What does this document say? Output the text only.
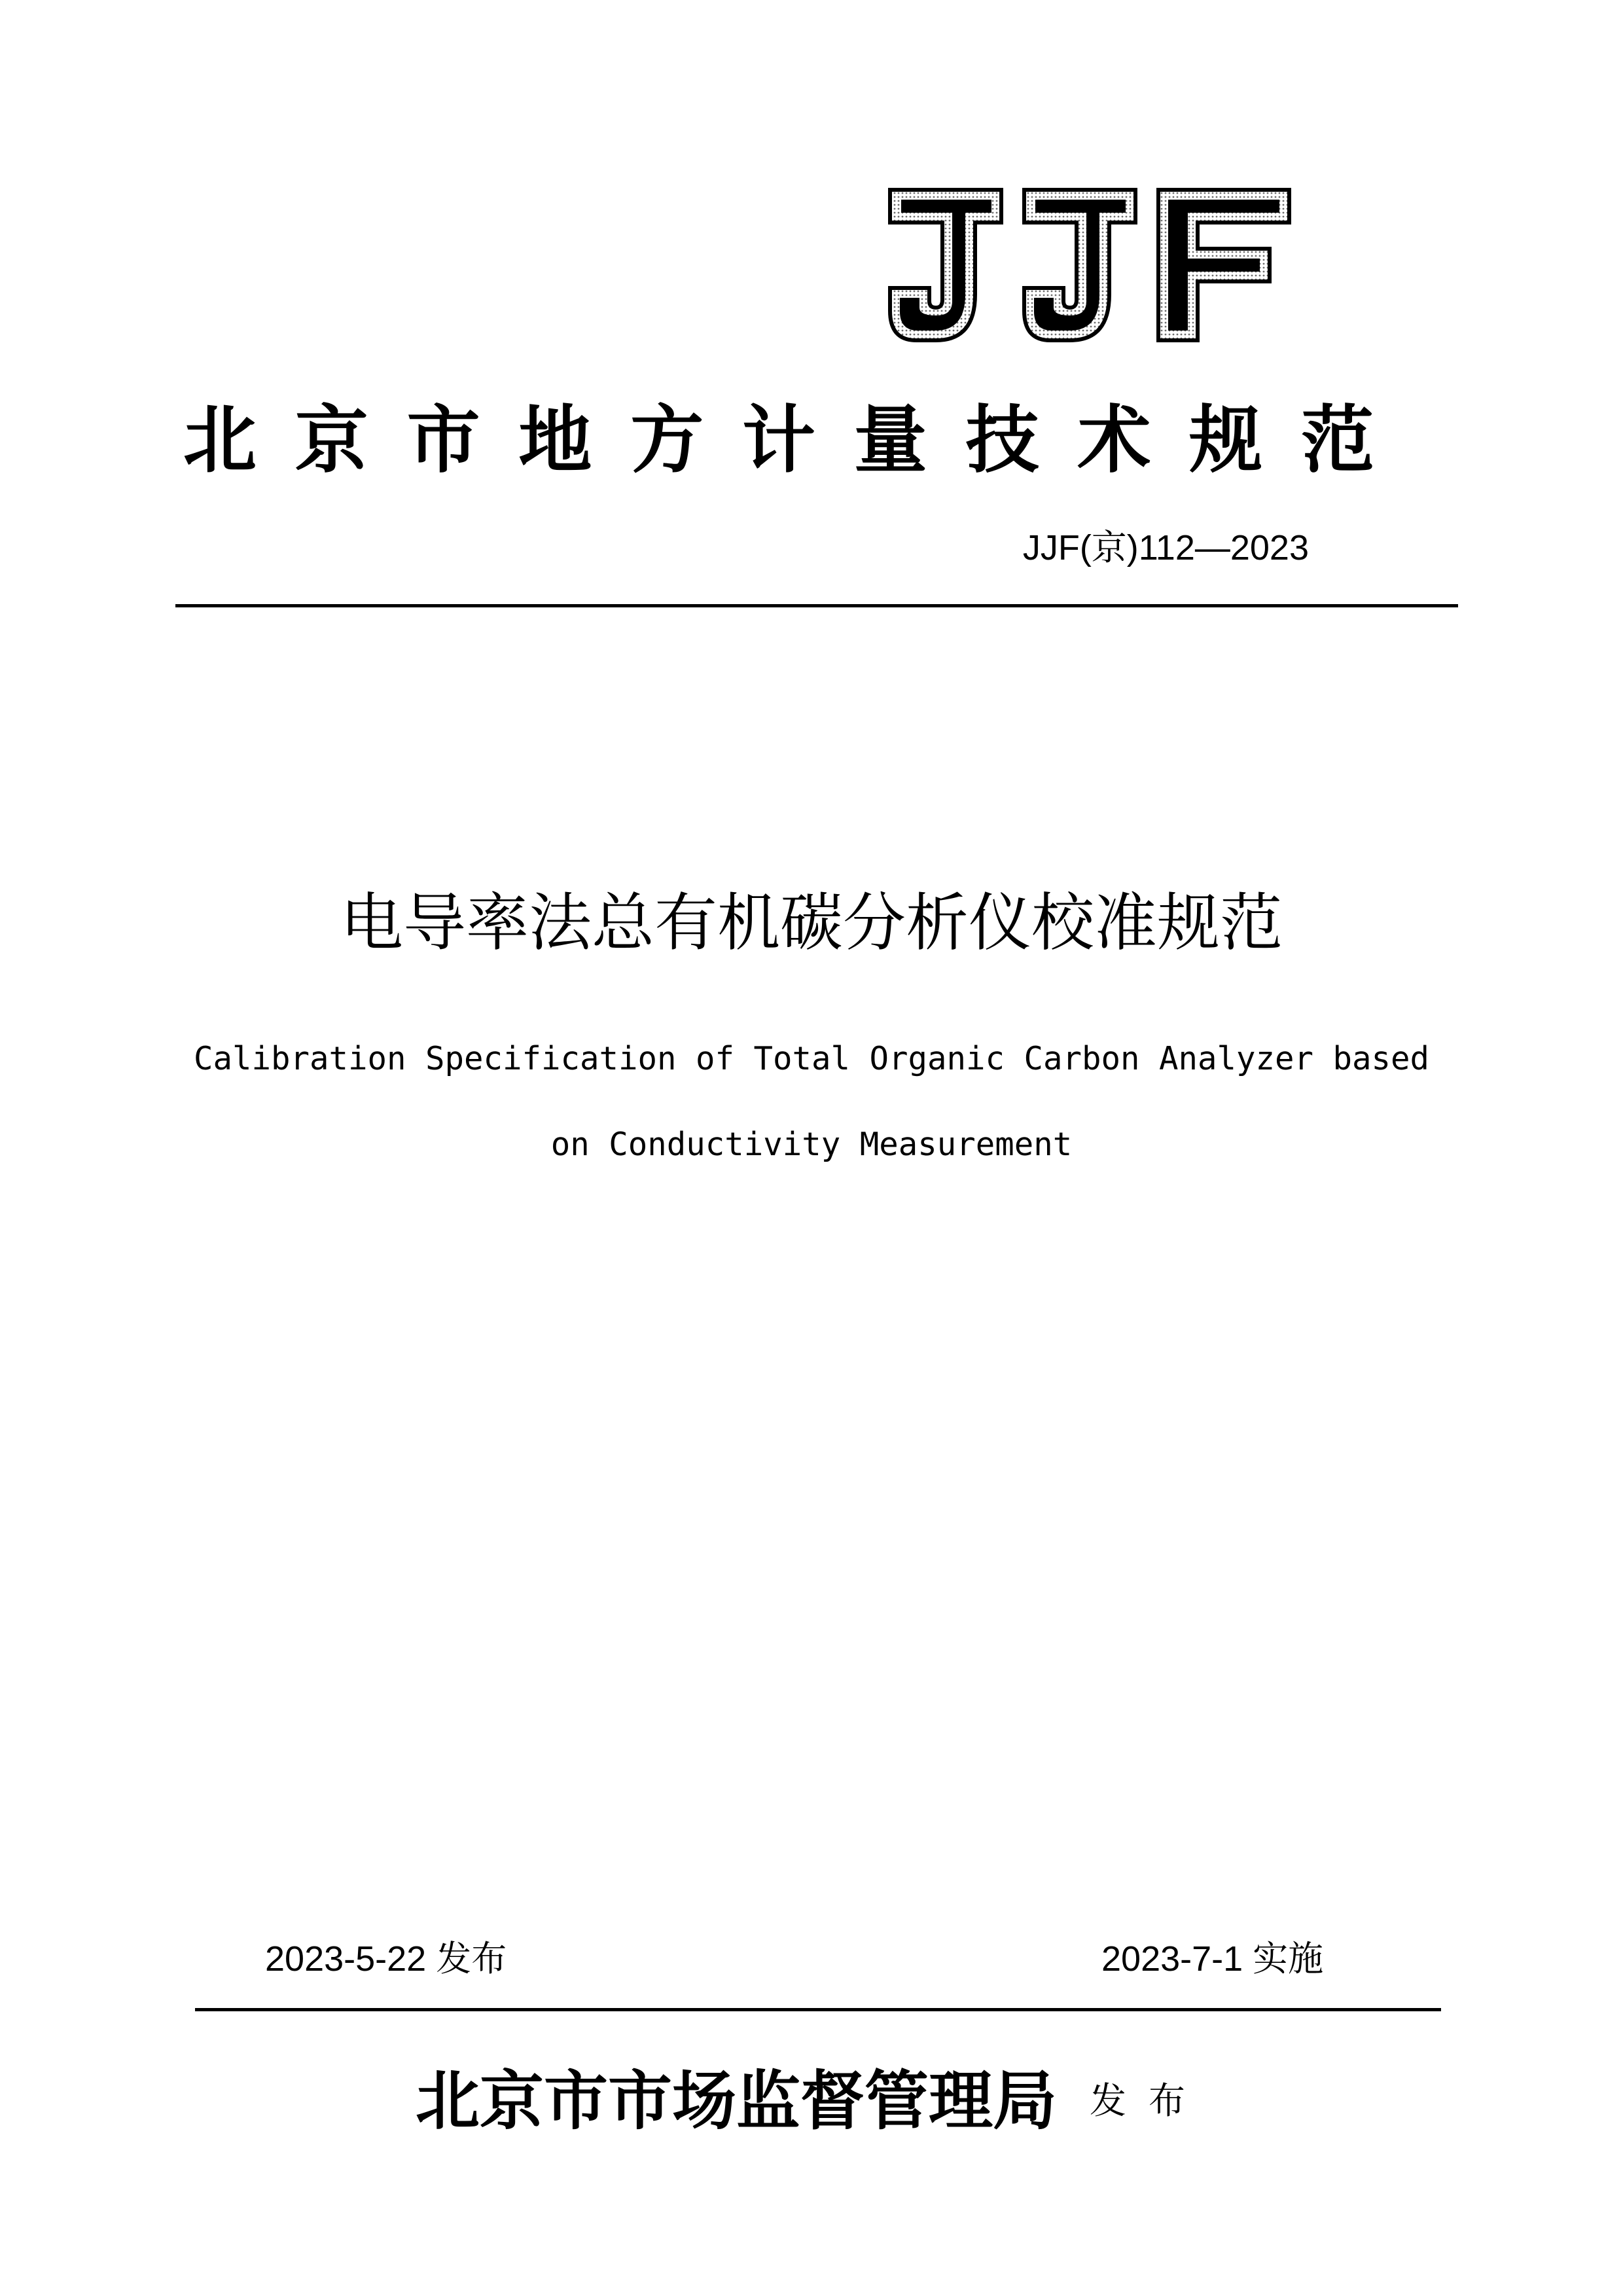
JJF
北 京 市 地 方 计 量 技 术 规 范
JJF(京)112—2023
电导率法总有机碳分析仪校准规范
Calibration Specification of Total Organic Carbon Analyzer based
on Conductivity Measurement
2023-5-22 发布	2023-7-1 实施
北京市市场监督管理局 发布
